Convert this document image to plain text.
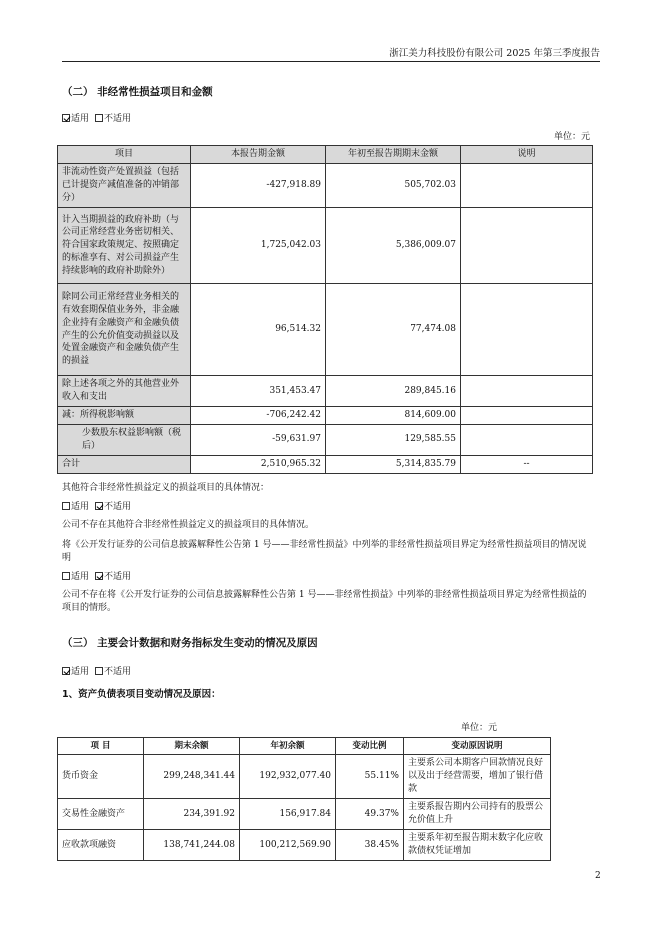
浙江美力科技股份有限公司 2025 年第三季度报告
（二） 非经常性损益项目和金额
适用 不适用
单位：元
项目	本报告期金额	年初至报告期期末金额	说明
非流动性资产处置损益（包括已计提资产减值准备的冲销部分）	-427,918.89	505,702.03	
计入当期损益的政府补助（与公司正常经营业务密切相关、符合国家政策规定、按照确定的标准享有、对公司损益产生持续影响的政府补助除外）	1,725,042.03	5,386,009.07	
除同公司正常经营业务相关的有效套期保值业务外，非金融企业持有金融资产和金融负债产生的公允价值变动损益以及处置金融资产和金融负债产生的损益	96,514.32	77,474.08	
除上述各项之外的其他营业外收入和支出	351,453.47	289,845.16	
减：所得税影响额	-706,242.42	814,609.00	
少数股东权益影响额（税后）	-59,631.97	129,585.55	
合计	2,510,965.32	5,314,835.79	--
其他符合非经常性损益定义的损益项目的具体情况：
适用 不适用
公司不存在其他符合非经常性损益定义的损益项目的具体情况。
将《公开发行证券的公司信息披露解释性公告第 1 号——非经常性损益》中列举的非经常性损益项目界定为经常性损益项目的情况说明
适用 不适用
公司不存在将《公开发行证券的公司信息披露解释性公告第 1 号——非经常性损益》中列举的非经常性损益项目界定为经常性损益的项目的情形。
（三） 主要会计数据和财务指标发生变动的情况及原因
适用 不适用
1、资产负债表项目变动情况及原因：
单位：元
项 目	期末余额	年初余额	变动比例	变动原因说明
货币资金	299,248,341.44	192,932,077.40	55.11%	主要系公司本期客户回款情况良好以及出于经营需要，增加了银行借款
交易性金融资产	234,391.92	156,917.84	49.37%	主要系报告期内公司持有的股票公允价值上升
应收款项融资	138,741,244.08	100,212,569.90	38.45%	主要系年初至报告期末数字化应收款债权凭证增加
2
